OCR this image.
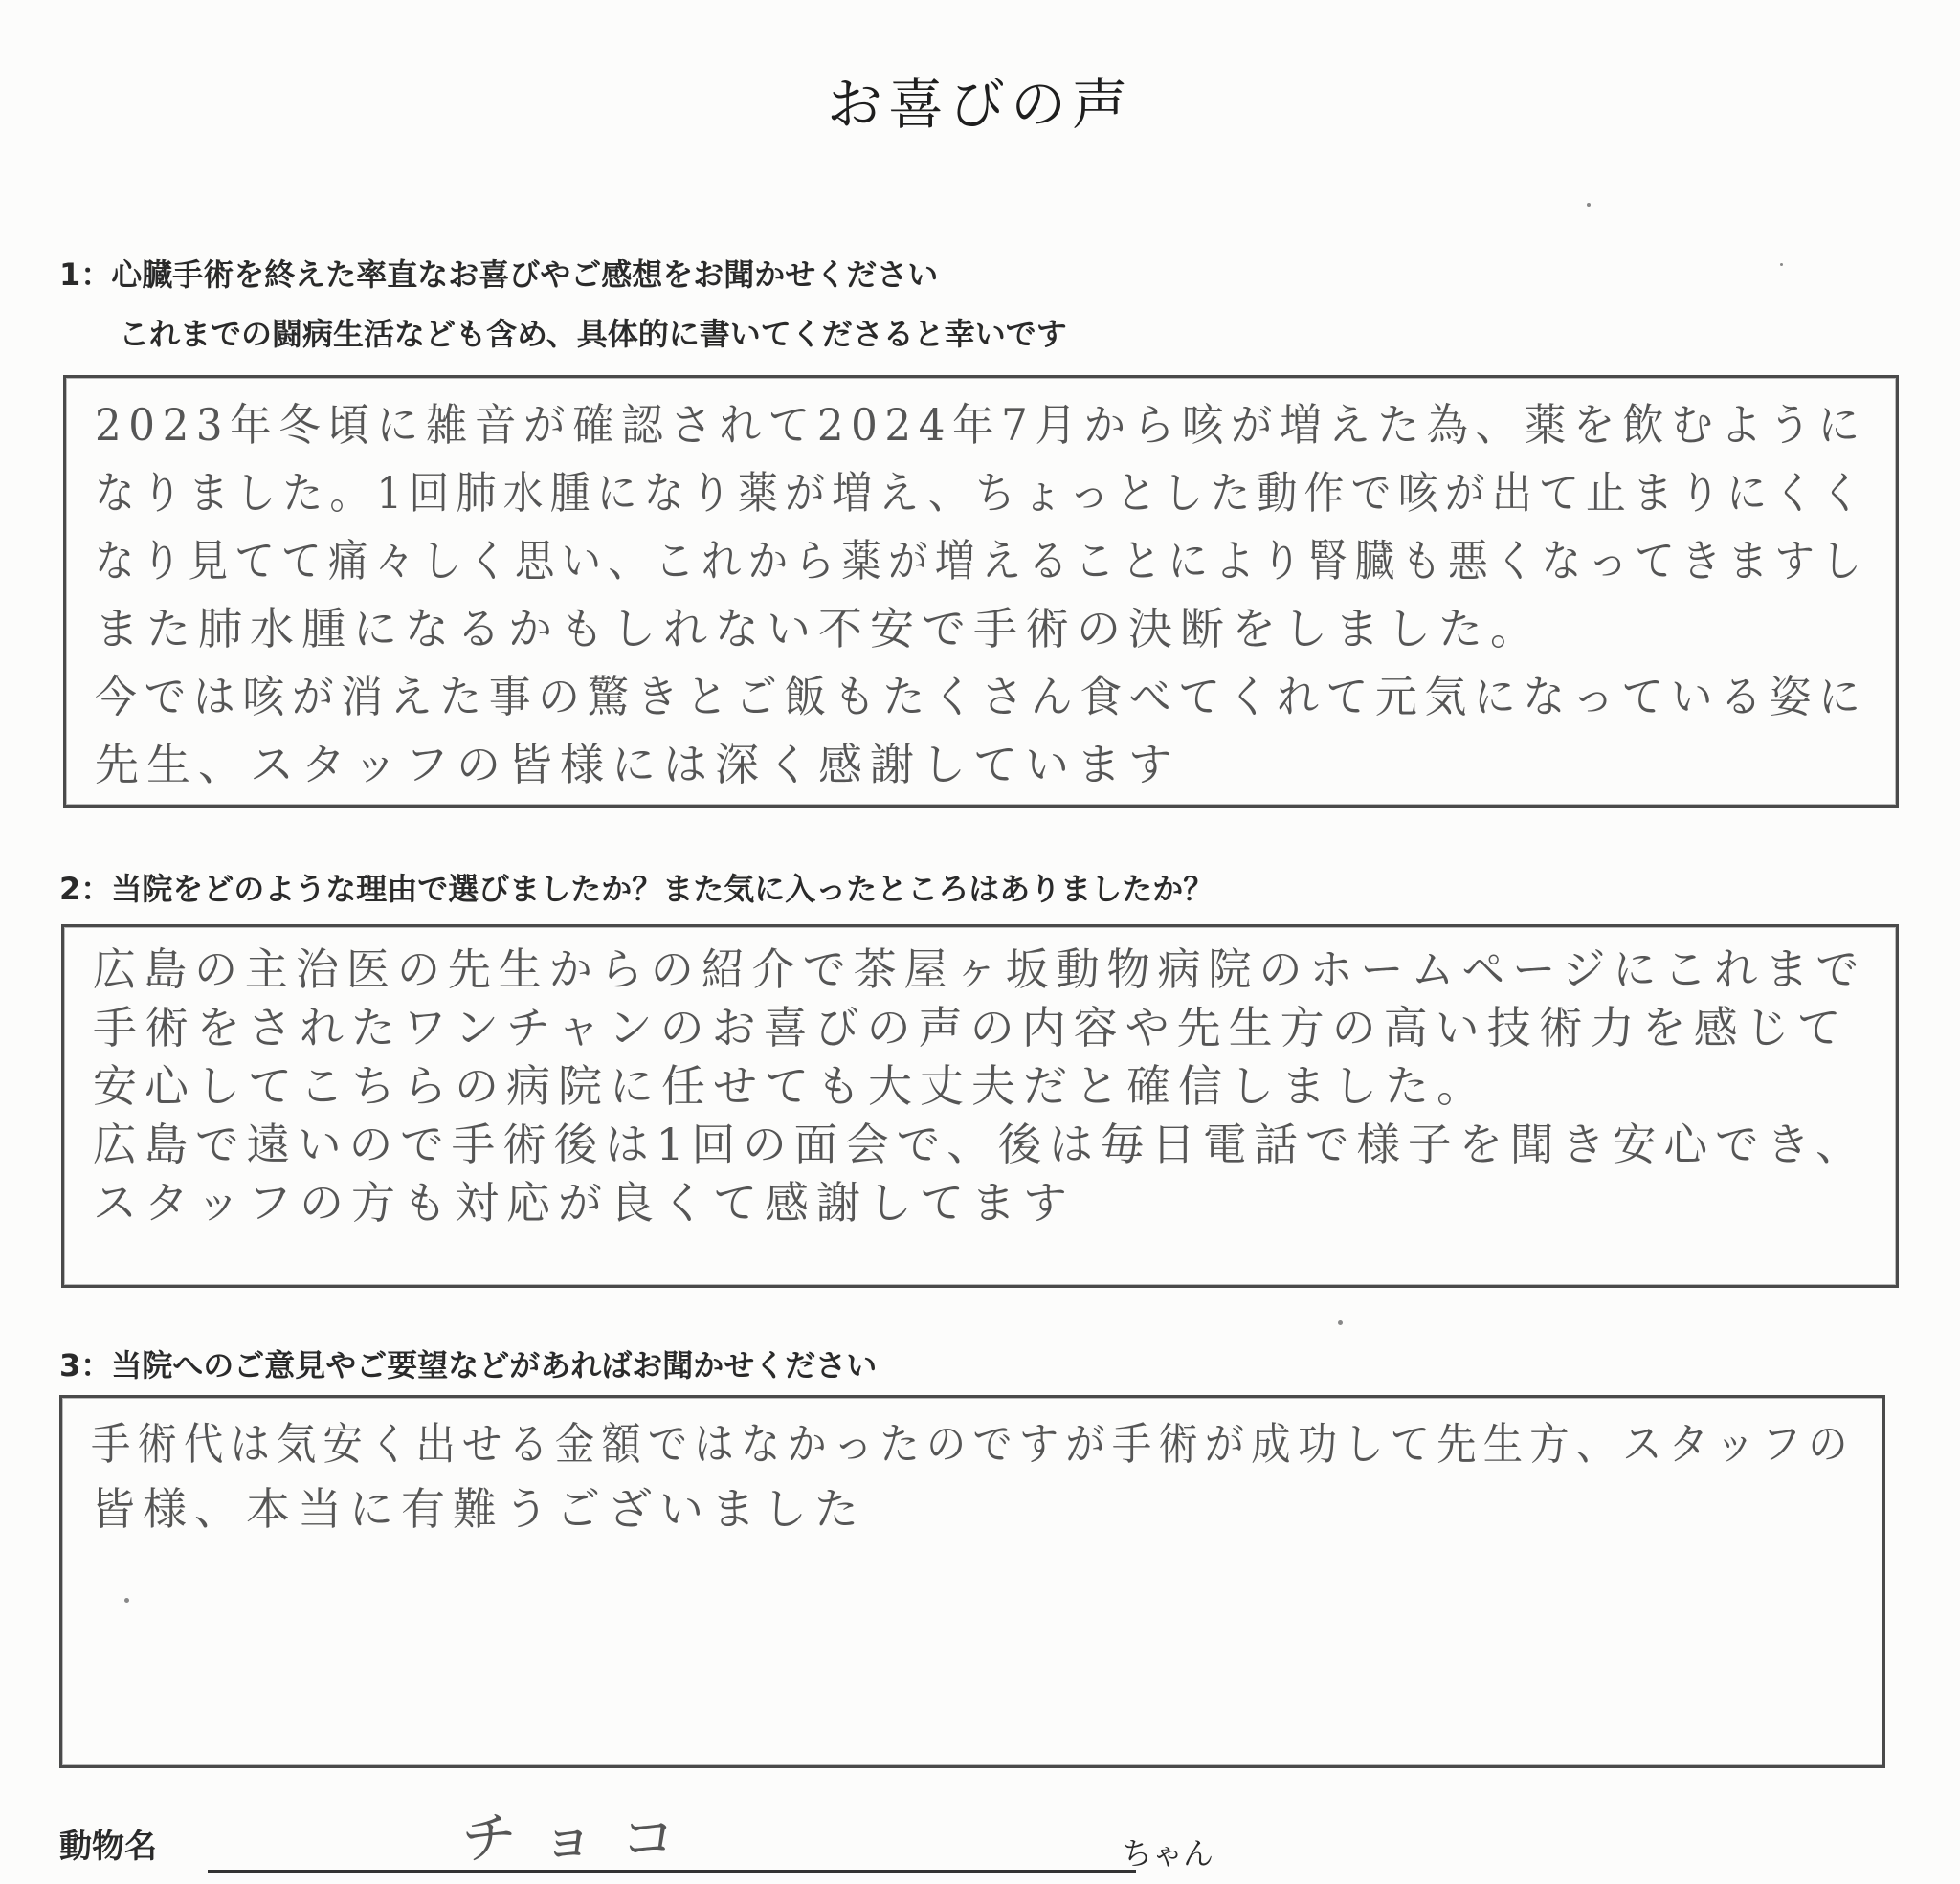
お喜びの声
1：心臓手術を終えた率直なお喜びやご感想をお聞かせください
これまでの闘病生活なども含め、具体的に書いてくださると幸いです
2023年冬頃に雑音が確認されて2024年7月から咳が増えた為、薬を飲むように
なりました。1回肺水腫になり薬が増え、ちょっとした動作で咳が出て止まりにくく
なり見てて痛々しく思い、これから薬が増えることにより腎臓も悪くなってきますし
また肺水腫になるかもしれない不安で手術の決断をしました。
今では咳が消えた事の驚きとご飯もたくさん食べてくれて元気になっている姿に
先生、スタッフの皆様には深く感謝しています
2：当院をどのような理由で選びましたか？また気に入ったところはありましたか？
広島の主治医の先生からの紹介で茶屋ヶ坂動物病院のホームページにこれまで
手術をされたワンチャンのお喜びの声の内容や先生方の高い技術力を感じて
安心してこちらの病院に任せても大丈夫だと確信しました。
広島で遠いので手術後は1回の面会で、後は毎日電話で様子を聞き安心でき、
スタッフの方も対応が良くて感謝してます
3：当院へのご意見やご要望などがあればお聞かせください
手術代は気安く出せる金額ではなかったのですが手術が成功して先生方、スタッフの
皆様、本当に有難うございました
動物名	チョコ	ちゃん
